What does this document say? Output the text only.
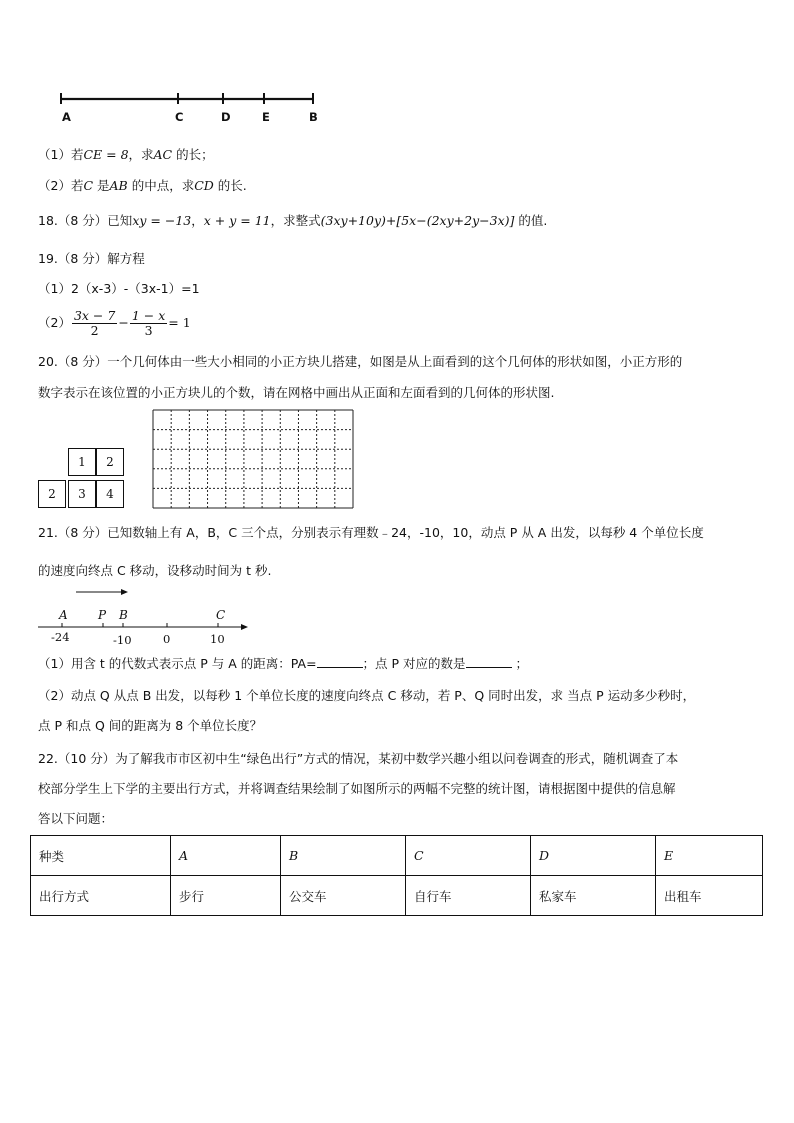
A	C	D	E	B
（1）若CE = 8，求AC 的长；
（2）若C 是AB 的中点，求CD 的长.
18.（8 分）已知xy = −13，x + y = 11，求整式(3xy+10y)+[5x−(2xy+2y−3x)] 的值.
19.（8 分）解方程
（1）2（x-3）-（3x-1）=1
$(2) \frac{3x - 7}{2} - \frac{1 - x}{3} = 1$
20.（8 分）一个几何体由一些大小相同的小正方块儿搭建，如图是从上面看到的这个几何体的形状如图，小正方形的
数字表示在该位置的小正方块儿的个数，请在网格中画出从正面和左面看到的几何体的形状图.
1	2
2	3	4
21.（8 分）已知数轴上有 A，B，C 三个点，分别表示有理数﹣24，-10，10，动点 P 从 A 出发，以每秒 4 个单位长度
的速度向终点 C 移动，设移动时间为 t 秒.
A	P B	C
-24	-10	0	10
（1）用含 t 的代数式表示点 P 与 A 的距离：PA=	；点 P 对应的数是	；
（2）动点 Q 从点 B 出发，以每秒 1 个单位长度的速度向终点 C 移动，若 P、Q 同时出发，求 当点 P 运动多少秒时，
点 P 和点 Q 间的距离为 8 个单位长度？
22.（10 分）为了解我市市区初中生“绿色出行”方式的情况，某初中数学兴趣小组以问卷调查的形式，随机调查了本
校部分学生上下学的主要出行方式，并将调查结果绘制了如图所示的两幅不完整的统计图，请根据图中提供的信息解
答以下问题：
种类	A	B	C	D	E
出行方式	步行	公交车	自行车	私家车	出租车
